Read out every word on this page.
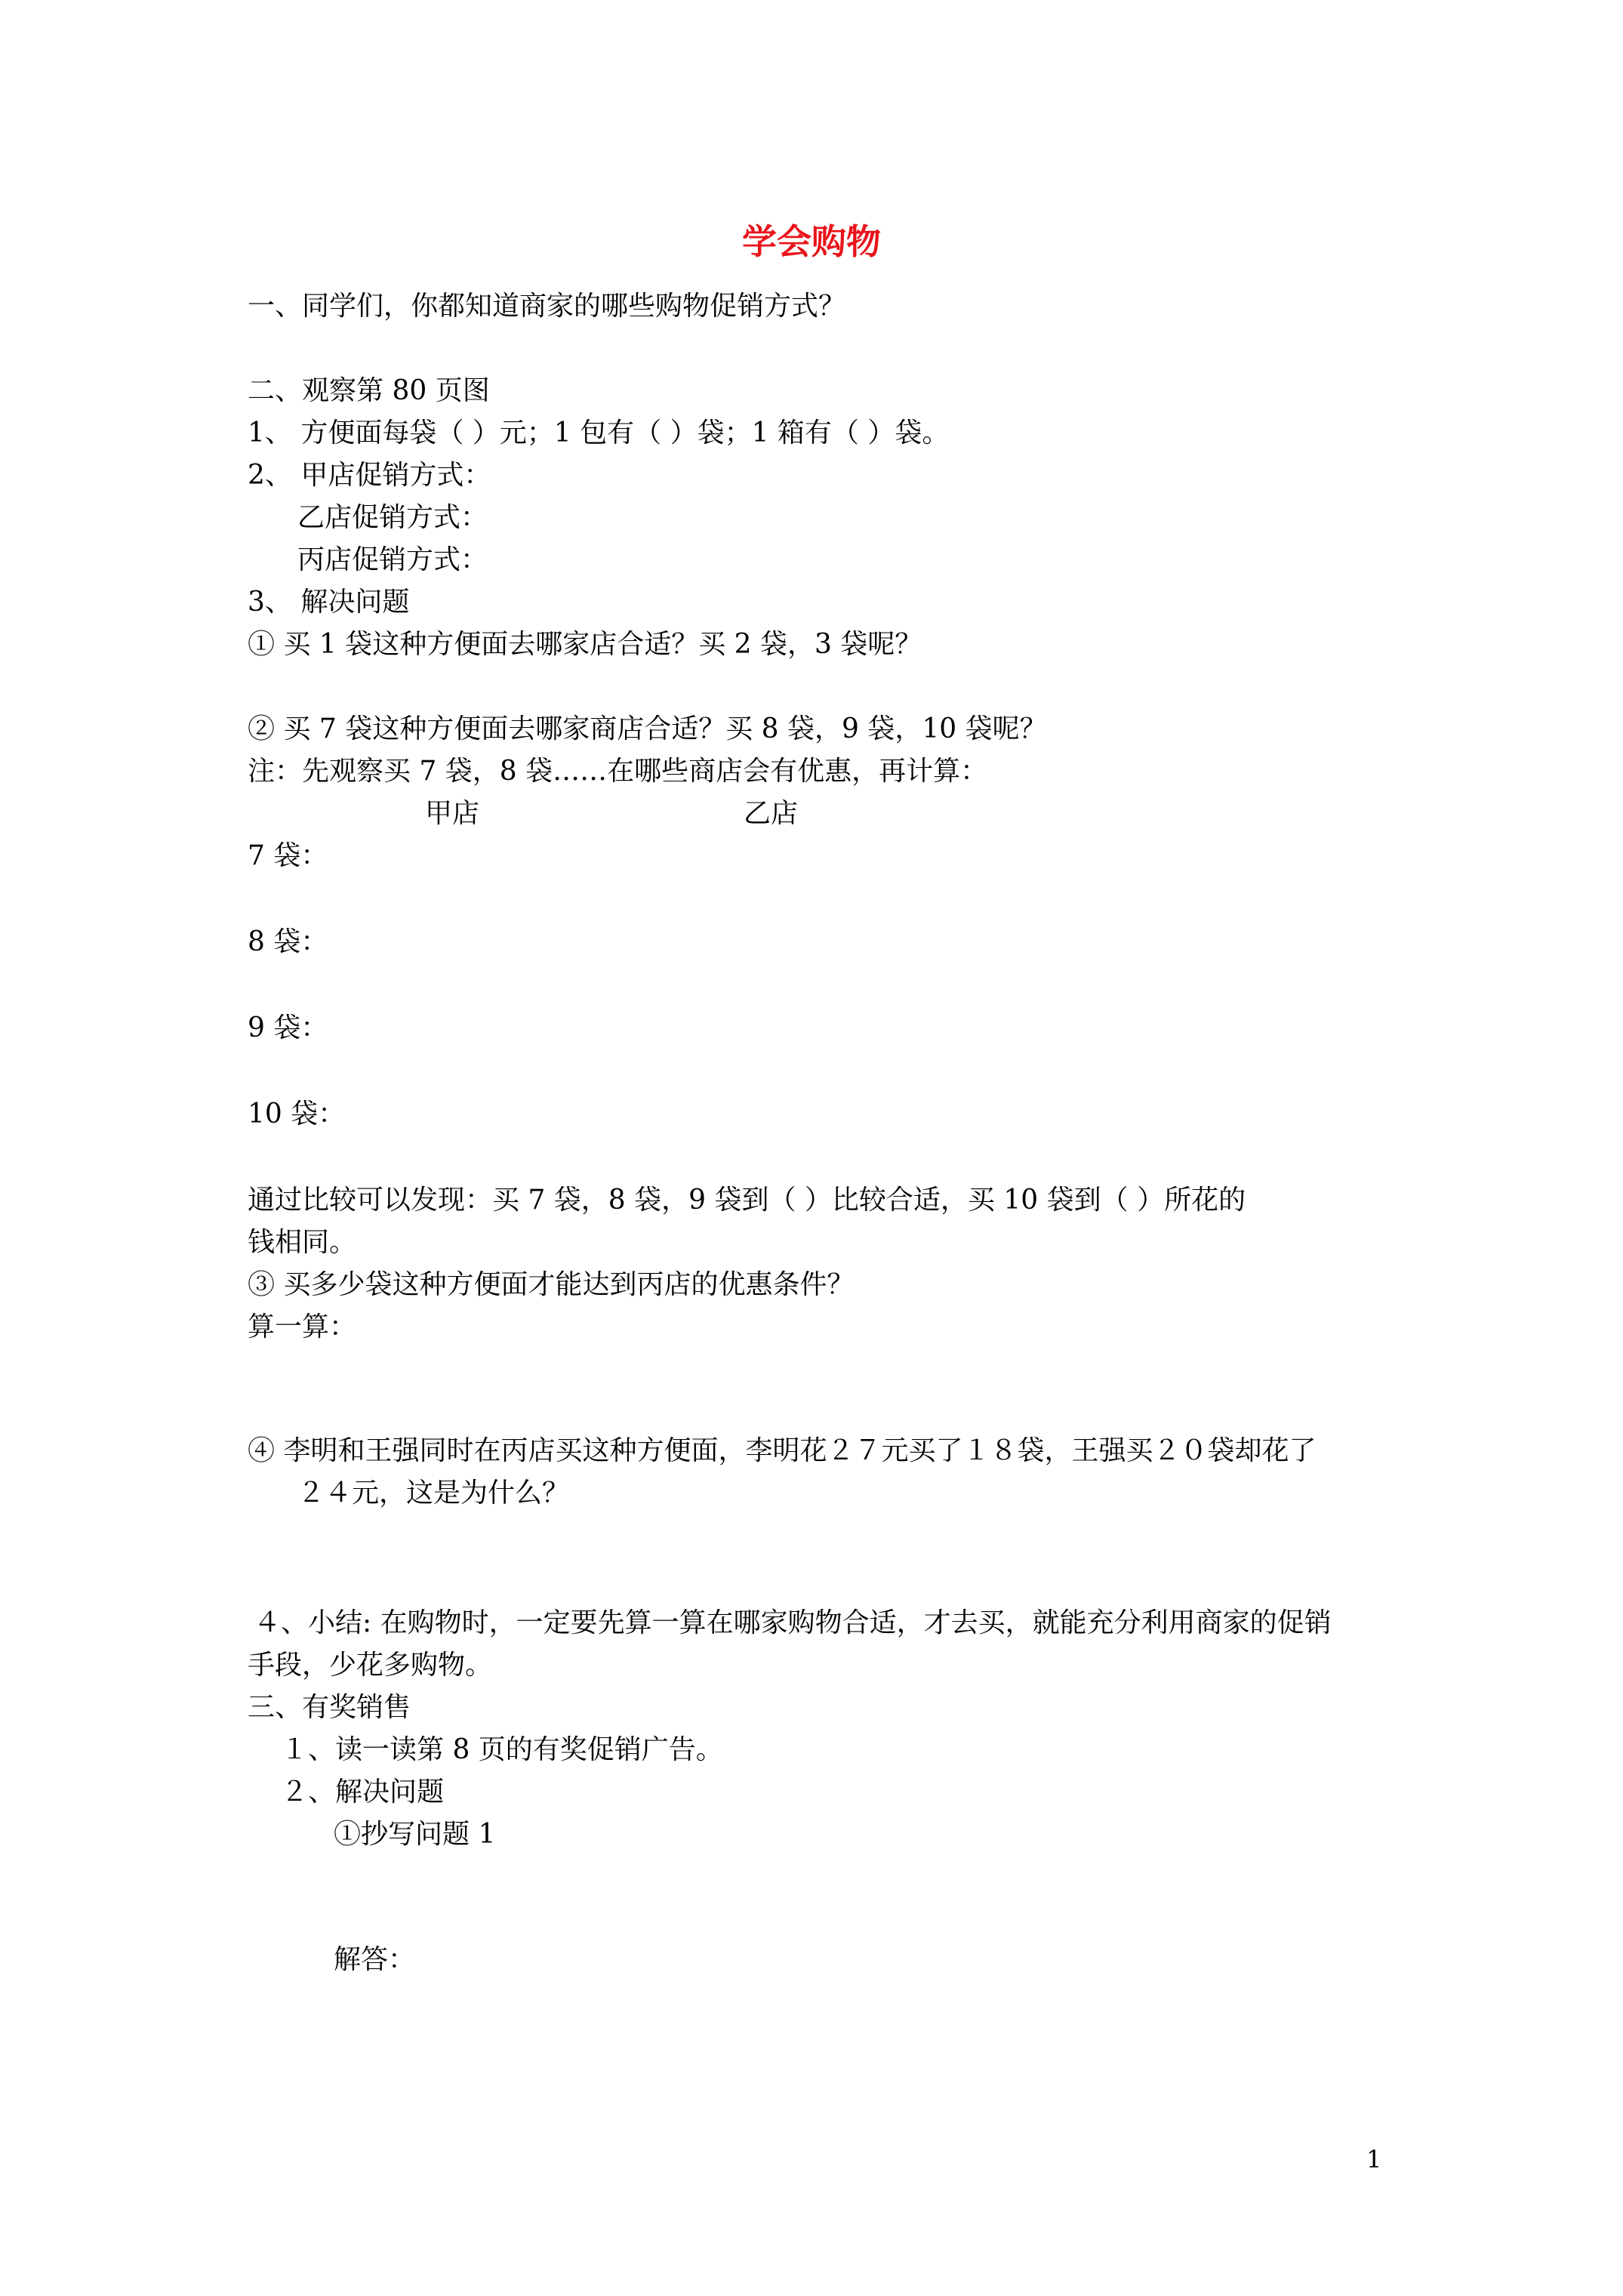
学会购物
一、同学们，你都知道商家的哪些购物促销方式？
二、观察第 80 页图
1、 方便面每袋（ ）元；1 包有（ ）袋；1 箱有（ ）袋。
2、 甲店促销方式：
乙店促销方式：
丙店促销方式：
3、 解决问题
① 买 1 袋这种方便面去哪家店合适？买 2 袋，3 袋呢？
② 买 7 袋这种方便面去哪家商店合适？买 8 袋，9 袋，10 袋呢？
注：先观察买 7 袋，8 袋……在哪些商店会有优惠，再计算：
甲店	乙店
7 袋：
8 袋：
9 袋：
10 袋：
通过比较可以发现：买 7 袋，8 袋，9 袋到（ ）比较合适，买 10 袋到（ ）所花的
钱相同。
③ 买多少袋这种方便面才能达到丙店的优惠条件？
算一算：
④ 李明和王强同时在丙店买这种方便面，李明花２７元买了１８袋，王强买２０袋却花了
２４元，这是为什么？
４、小结: 在购物时，一定要先算一算在哪家购物合适，才去买，就能充分利用商家的促销
手段，少花多购物。
三、有奖销售
１、读一读第 8 页的有奖促销广告。
２、解决问题
①抄写问题 1
解答：
1
